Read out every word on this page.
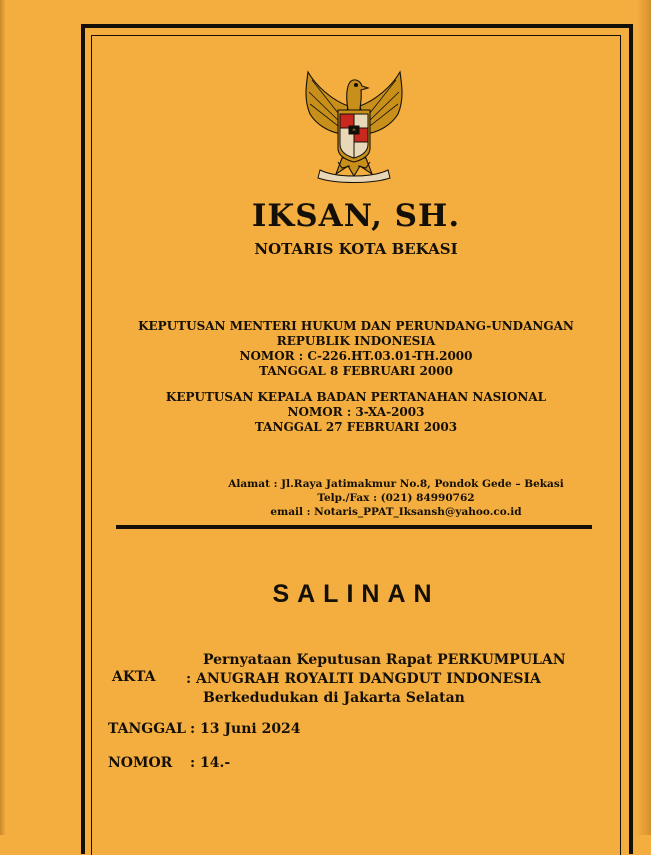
IKSAN, SH.
NOTARIS KOTA BEKASI
KEPUTUSAN MENTERI HUKUM DAN PERUNDANG-UNDANGAN
REPUBLIK INDONESIA
NOMOR : C-226.HT.03.01-TH.2000
TANGGAL 8 FEBRUARI 2000
KEPUTUSAN KEPALA BADAN PERTANAHAN NASIONAL
NOMOR : 3-XA-2003
TANGGAL 27 FEBRUARI 2003
Alamat : Jl.Raya Jatimakmur No.8, Pondok Gede – Bekasi
Telp./Fax : (021) 84990762
email : Notaris_PPAT_Iksansh@yahoo.co.id
SALINAN
AKTA
Pernyataan Keputusan Rapat PERKUMPULAN
: ANUGRAH ROYALTI DANGDUT INDONESIA
Berkedudukan di Jakarta Selatan
TANGGAL : 13 Juni 2024
NOMOR : 14.-
